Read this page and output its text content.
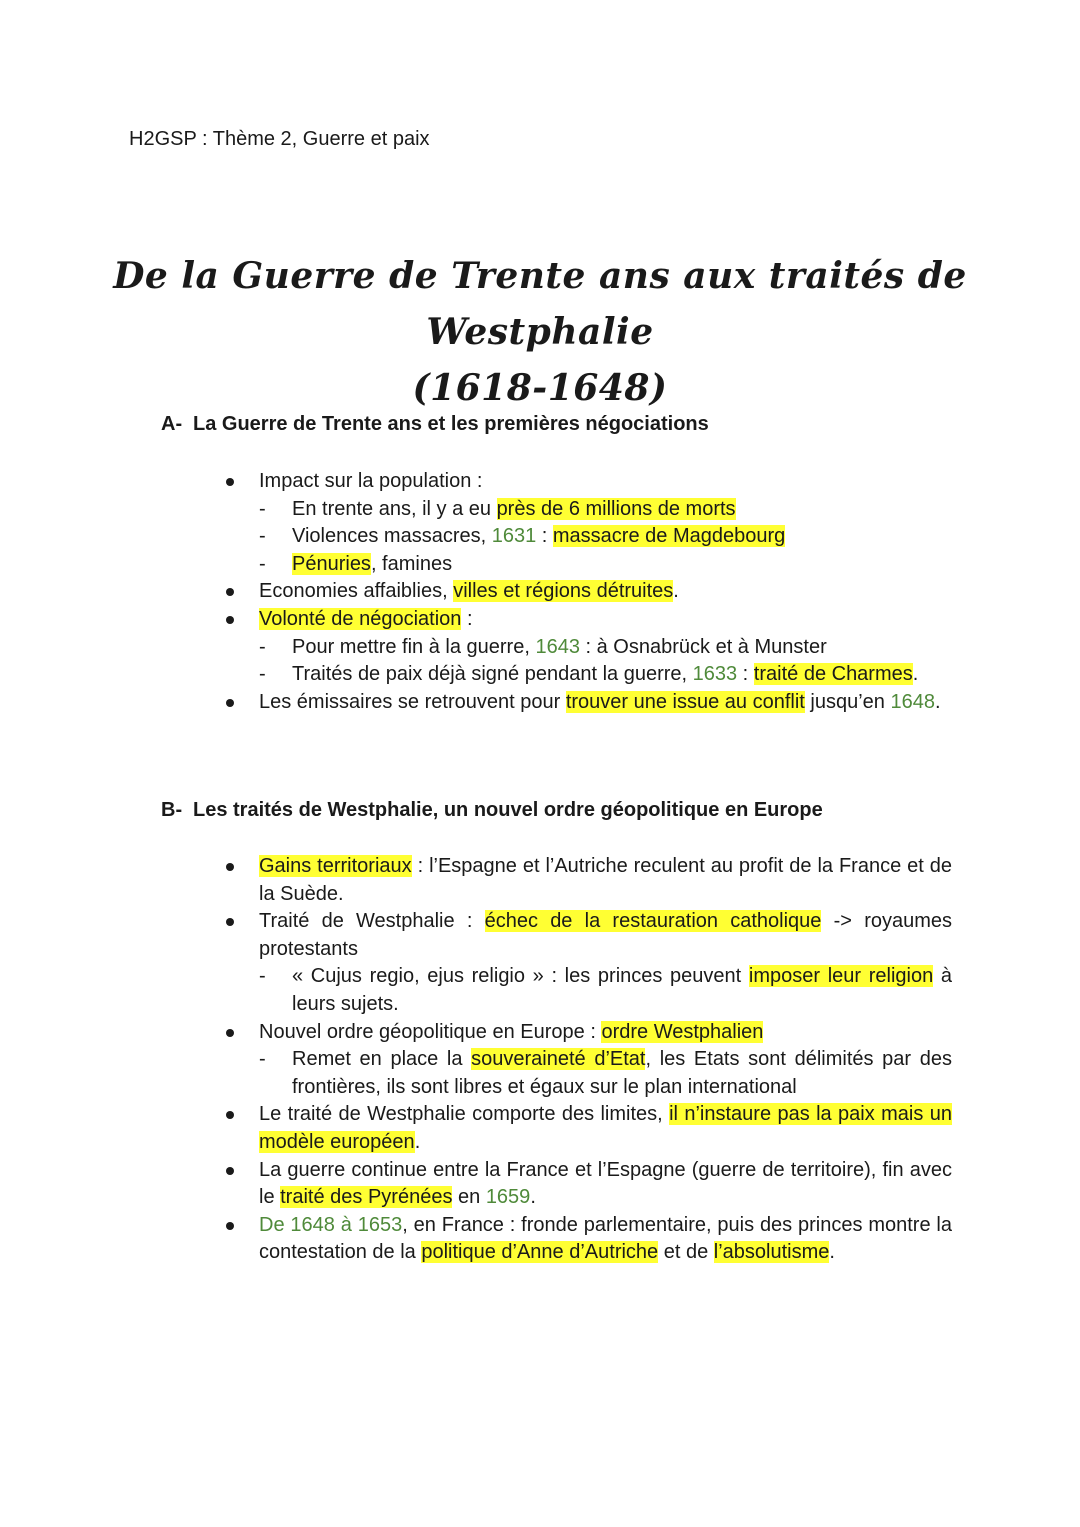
H2GSP : Thème 2, Guerre et paix
De la Guerre de Trente ans aux traités de Westphalie
(1618-1648)
A- La Guerre de Trente ans et les premières négociations
Impact sur la population :
- En trente ans, il y a eu près de 6 millions de morts
- Violences massacres, 1631 : massacre de Magdebourg
- Pénuries, famines
Economies affaiblies, villes et régions détruites.
Volonté de négociation :
- Pour mettre fin à la guerre, 1643 : à Osnabrück et à Munster
- Traités de paix déjà signé pendant la guerre, 1633 : traité de Charmes.
Les émissaires se retrouvent pour trouver une issue au conflit jusqu’en 1648.
B- Les traités de Westphalie, un nouvel ordre géopolitique en Europe
Gains territoriaux : l’Espagne et l’Autriche reculent au profit de la France et de la Suède.
Traité de Westphalie : échec de la restauration catholique -> royaumes protestants
- « Cujus regio, ejus religio » : les princes peuvent imposer leur religion à leurs sujets.
Nouvel ordre géopolitique en Europe : ordre Westphalien
- Remet en place la souveraineté d’Etat, les Etats sont délimités par des frontières, ils sont libres et égaux sur le plan international
Le traité de Westphalie comporte des limites, il n’instaure pas la paix mais un modèle européen.
La guerre continue entre la France et l’Espagne (guerre de territoire), fin avec le traité des Pyrénées en 1659.
De 1648 à 1653, en France : fronde parlementaire, puis des princes montre la contestation de la politique d’Anne d’Autriche et de l’absolutisme.
